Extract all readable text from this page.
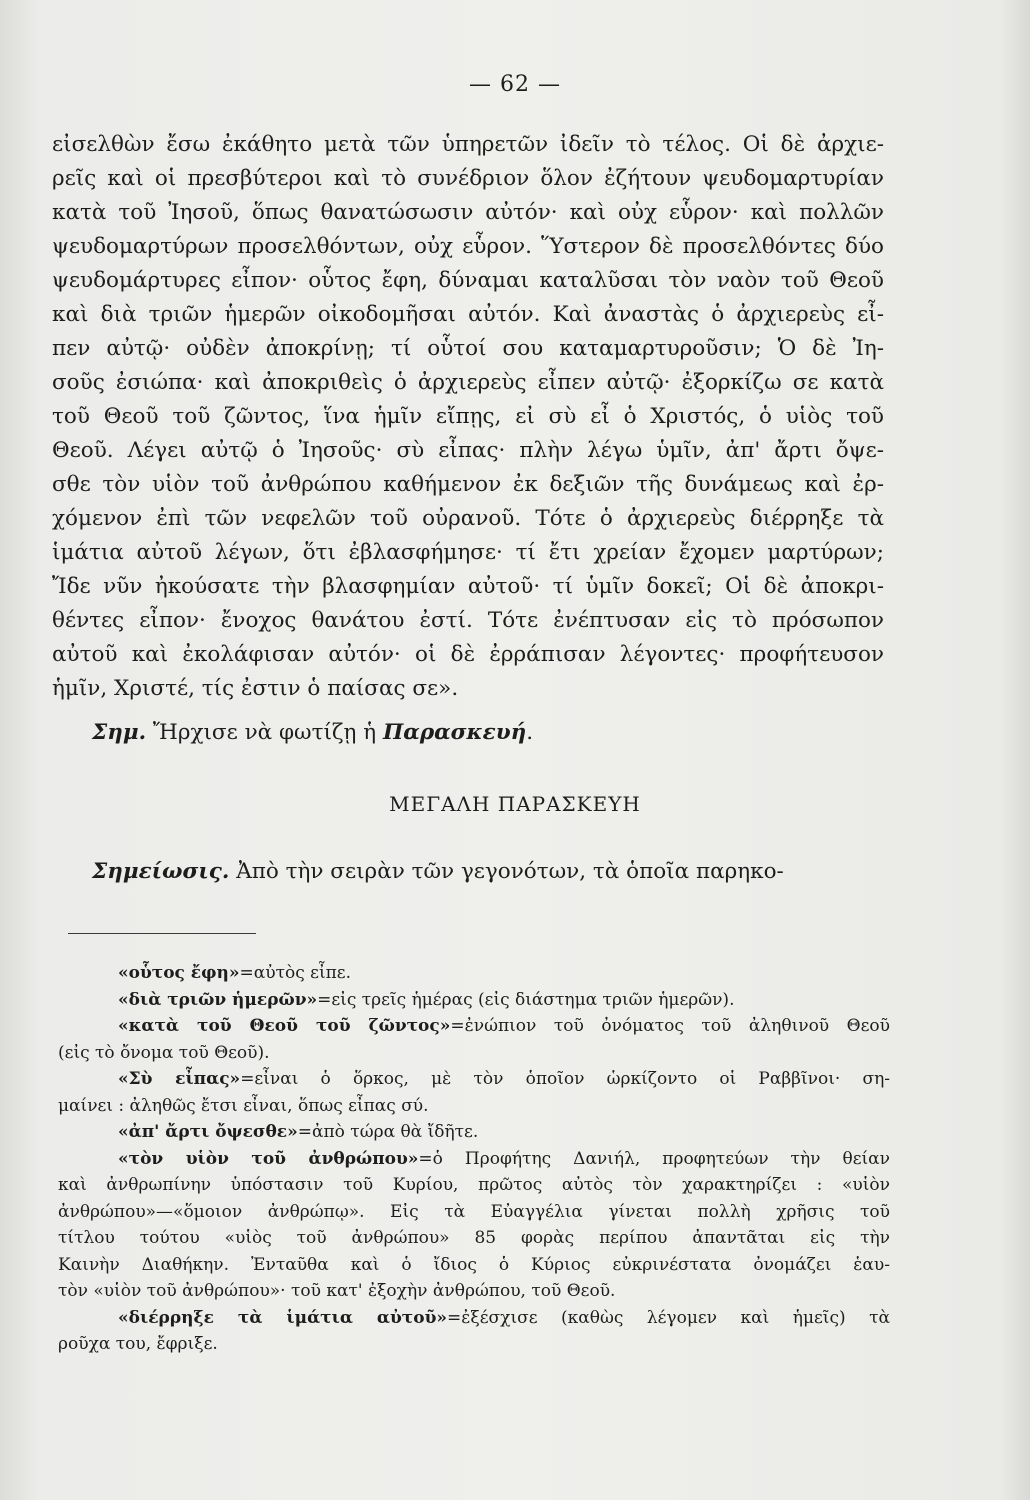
— 62 —
εἰσελθὼν ἔσω ἐκάθητο μετὰ τῶν ὑπηρετῶν ἰδεῖν τὸ τέλος. Οἱ δὲ ἀρχιε-
ρεῖς καὶ οἱ πρεσβύτεροι καὶ τὸ συνέδριον ὅλον ἐζήτουν ψευδομαρτυρίαν
κατὰ τοῦ Ἰησοῦ, ὅπως θανατώσωσιν αὐτόν· καὶ οὐχ εὗρον· καὶ πολλῶν
ψευδομαρτύρων προσελθόντων, οὐχ εὗρον. Ὕστερον δὲ προσελθόντες δύο
ψευδομάρτυρες εἶπον· οὗτος ἔφη, δύναμαι καταλῦσαι τὸν ναὸν τοῦ Θεοῦ
καὶ διὰ τριῶν ἡμερῶν οἰκοδομῆσαι αὐτόν. Καὶ ἀναστὰς ὁ ἀρχιερεὺς εἶ-
πεν αὐτῷ· οὐδὲν ἀποκρίνῃ; τί οὗτοί σου καταμαρτυροῦσιν; Ὁ δὲ Ἰη-
σοῦς ἐσιώπα· καὶ ἀποκριθεὶς ὁ ἀρχιερεὺς εἶπεν αὐτῷ· ἐξορκίζω σε κατὰ
τοῦ Θεοῦ τοῦ ζῶντος, ἵνα ἡμῖν εἴπῃς, εἰ σὺ εἶ ὁ Χριστός, ὁ υἱὸς τοῦ
Θεοῦ. Λέγει αὐτῷ ὁ Ἰησοῦς· σὺ εἶπας· πλὴν λέγω ὑμῖν, ἀπ' ἄρτι ὄψε-
σθε τὸν υἱὸν τοῦ ἀνθρώπου καθήμενον ἐκ δεξιῶν τῆς δυνάμεως καὶ ἐρ-
χόμενον ἐπὶ τῶν νεφελῶν τοῦ οὐρανοῦ. Τότε ὁ ἀρχιερεὺς διέρρηξε τὰ
ἱμάτια αὐτοῦ λέγων, ὅτι ἐβλασφήμησε· τί ἔτι χρείαν ἔχομεν μαρτύρων;
Ἴδε νῦν ἠκούσατε τὴν βλασφημίαν αὐτοῦ· τί ὑμῖν δοκεῖ; Οἱ δὲ ἀποκρι-
θέντες εἶπον· ἔνοχος θανάτου ἐστί. Τότε ἐνέπτυσαν εἰς τὸ πρόσωπον
αὐτοῦ καὶ ἐκολάφισαν αὐτόν· οἱ δὲ ἐρράπισαν λέγοντες· προφήτευσον
ἡμῖν, Χριστέ, τίς ἐστιν ὁ παίσας σε».
Σημ. Ἤρχισε νὰ φωτίζῃ ἡ Παρασκευή.
ΜΕΓΑΛΗ ΠΑΡΑΣΚΕΥΗ
Σημείωσις. Ἀπὸ τὴν σειρὰν τῶν γεγονότων, τὰ ὁποῖα παρηκο-
«οὗτος ἔφη»=αὐτὸς εἶπε.
«διὰ τριῶν ἡμερῶν»=εἰς τρεῖς ἡμέρας (εἰς διάστημα τριῶν ἡμερῶν).
«κατὰ τοῦ Θεοῦ τοῦ ζῶντος»=ἐνώπιον τοῦ ὀνόματος τοῦ ἀληθινοῦ Θεοῦ
(εἰς τὸ ὄνομα τοῦ Θεοῦ).
«Σὺ εἶπας»=εἶναι ὁ ὅρκος, μὲ τὸν ὁποῖον ὡρκίζοντο οἱ Ραββῖνοι· ση-
μαίνει : ἀληθῶς ἔτσι εἶναι, ὅπως εἶπας σύ.
«ἀπ' ἄρτι ὄψεσθε»=ἀπὸ τώρα θὰ ἴδῆτε.
«τὸν υἱὸν τοῦ ἀνθρώπου»=ὁ Προφήτης Δανιήλ, προφητεύων τὴν θείαν
καὶ ἀνθρωπίνην ὑπόστασιν τοῦ Κυρίου, πρῶτος αὐτὸς τὸν χαρακτηρίζει : «υἱὸν
ἀνθρώπου»—«ὅμοιον ἀνθρώπῳ». Εἰς τὰ Εὐαγγέλια γίνεται πολλὴ χρῆσις τοῦ
τίτλου τούτου «υἱὸς τοῦ ἀνθρώπου» 85 φορὰς περίπου ἀπαντᾶται εἰς τὴν
Καινὴν Διαθήκην. Ἐνταῦθα καὶ ὁ ἴδιος ὁ Κύριος εὐκρινέστατα ὀνομάζει ἑαυ-
τὸν «υἱὸν τοῦ ἀνθρώπου»· τοῦ κατ' ἐξοχὴν ἀνθρώπου, τοῦ Θεοῦ.
«διέρρηξε τὰ ἱμάτια αὐτοῦ»=ἐξέσχισε (καθὼς λέγομεν καὶ ἡμεῖς) τὰ
ροῦχα του, ἔφριξε.
